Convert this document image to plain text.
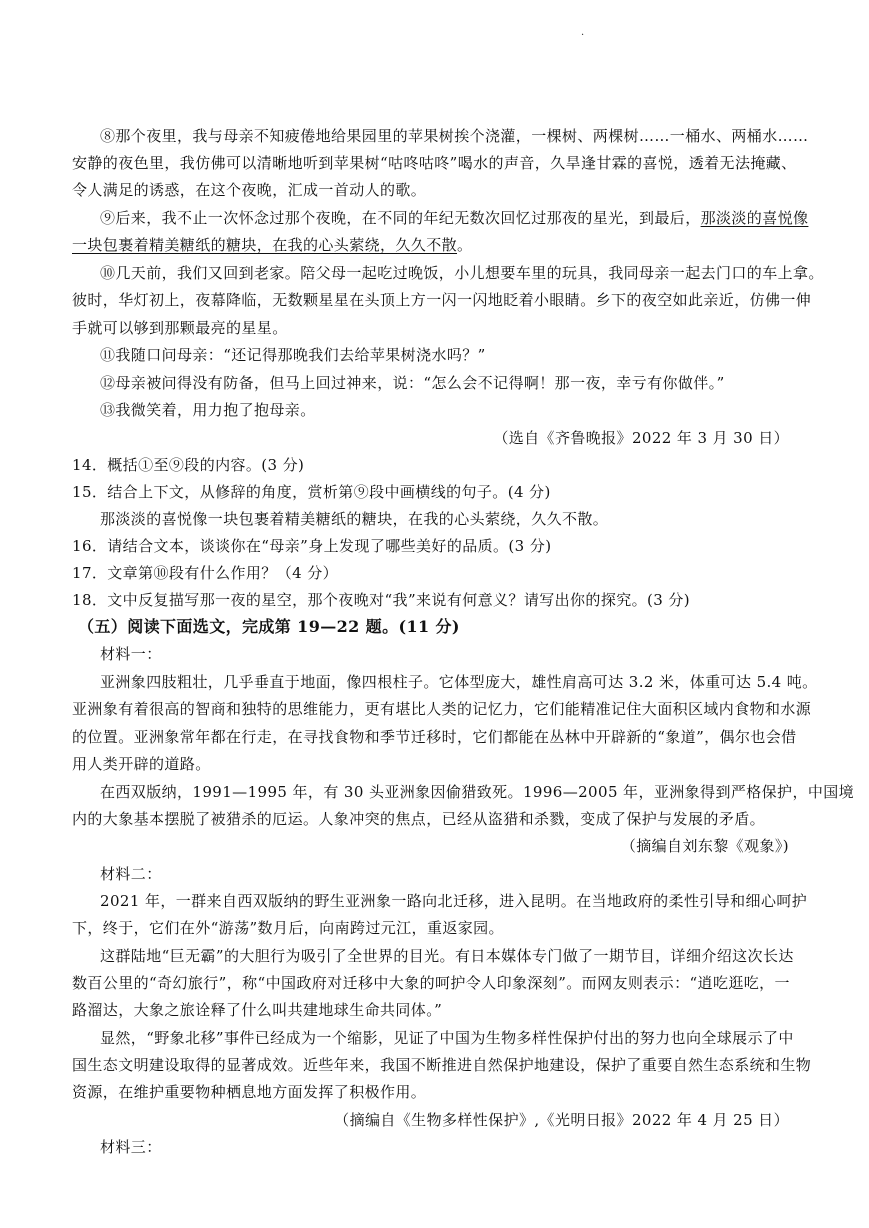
·
⑧那个夜里，我与母亲不知疲倦地给果园里的苹果树挨个浇灌，一棵树、两棵树……一桶水、两桶水……
安静的夜色里，我仿佛可以清晰地听到苹果树“咕咚咕咚”喝水的声音，久旱逢甘霖的喜悦，透着无法掩藏、
令人满足的诱惑，在这个夜晚，汇成一首动人的歌。
⑨后来，我不止一次怀念过那个夜晚，在不同的年纪无数次回忆过那夜的星光，到最后，那淡淡的喜悦像
一块包裹着精美糖纸的糖块，在我的心头萦绕，久久不散。
⑩几天前，我们又回到老家。陪父母一起吃过晚饭，小儿想要车里的玩具，我同母亲一起去门口的车上拿。
彼时，华灯初上，夜幕降临，无数颗星星在头顶上方一闪一闪地眨着小眼睛。乡下的夜空如此亲近，仿佛一伸
手就可以够到那颗最亮的星星。
⑪我随口问母亲：“还记得那晚我们去给苹果树浇水吗？”
⑫母亲被问得没有防备，但马上回过神来，说：“怎么会不记得啊！那一夜，幸亏有你做伴。”
⑬我微笑着，用力抱了抱母亲。
（选自《齐鲁晚报》2022 年 3 月 30 日）
14．概括①至⑨段的内容。(3 分)
15．结合上下文，从修辞的角度，赏析第⑨段中画横线的句子。(4 分)
那淡淡的喜悦像一块包裹着精美糖纸的糖块，在我的心头萦绕，久久不散。
16．请结合文本，谈谈你在“母亲”身上发现了哪些美好的品质。(3 分)
17．文章第⑩段有什么作用？（4 分）
18．文中反复描写那一夜的星空，那个夜晚对“我”来说有何意义？请写出你的探究。(3 分)
（五）阅读下面选文，完成第 19—22 题。(11 分)
材料一：
亚洲象四肢粗壮，几乎垂直于地面，像四根柱子。它体型庞大，雄性肩高可达 3.2 米，体重可达 5.4 吨。
亚洲象有着很高的智商和独特的思维能力，更有堪比人类的记忆力，它们能精准记住大面积区域内食物和水源
的位置。亚洲象常年都在行走，在寻找食物和季节迁移时，它们都能在丛林中开辟新的“象道”，偶尔也会借
用人类开辟的道路。
在西双版纳，1991—1995 年，有 30 头亚洲象因偷猎致死。1996—2005 年，亚洲象得到严格保护，中国境
内的大象基本摆脱了被猎杀的厄运。人象冲突的焦点，已经从盗猎和杀戮，变成了保护与发展的矛盾。
（摘编自刘东黎《观象》)
材料二：
2021 年，一群来自西双版纳的野生亚洲象一路向北迁移，进入昆明。在当地政府的柔性引导和细心呵护
下，终于，它们在外“游荡”数月后，向南跨过元江，重返家园。
这群陆地“巨无霸”的大胆行为吸引了全世界的目光。有日本媒体专门做了一期节目，详细介绍这次长达
数百公里的“奇幻旅行”，称“中国政府对迁移中大象的呵护令人印象深刻”。而网友则表示：“逍吃逛吃，一
路溜达，大象之旅诠释了什么叫共建地球生命共同体。”
显然，“野象北移”事件已经成为一个缩影，见证了中国为生物多样性保护付出的努力也向全球展示了中
国生态文明建设取得的显著成效。近些年来，我国不断推进自然保护地建设，保护了重要自然生态系统和生物
资源，在维护重要物种栖息地方面发挥了积极作用。
（摘编自《生物多样性保护》,《光明日报》2022 年 4 月 25 日）
材料三：
